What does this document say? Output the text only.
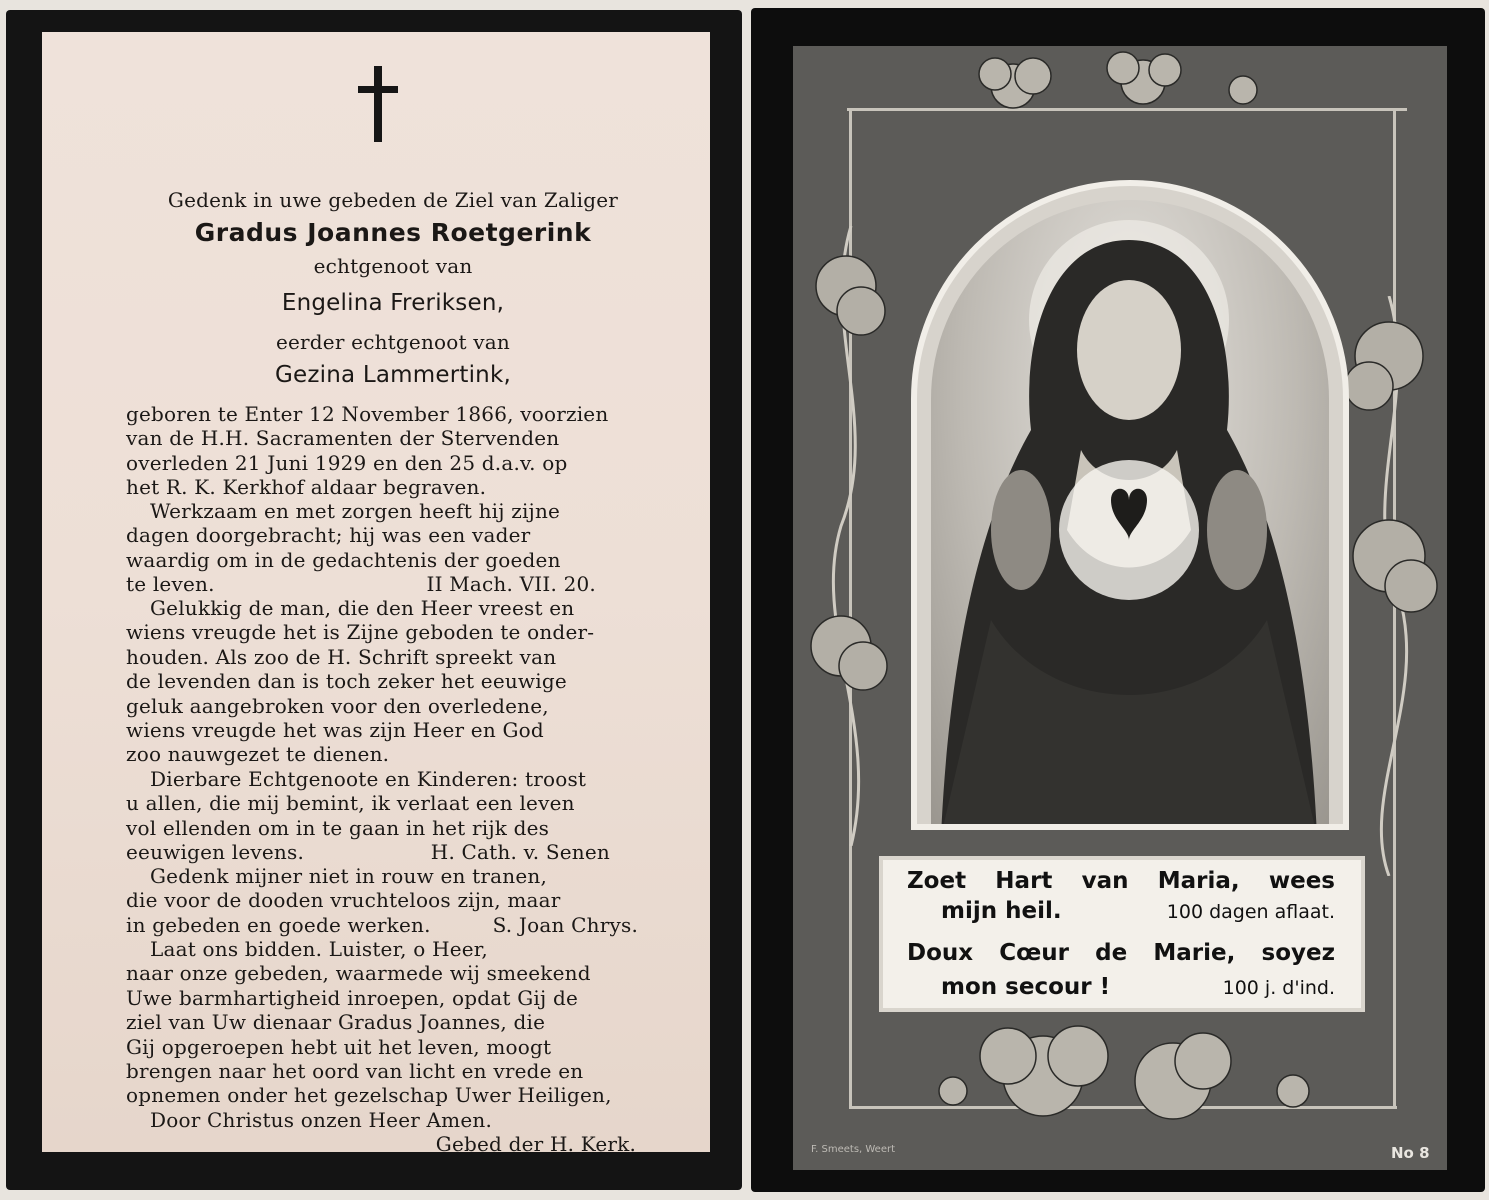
Gedenk in uwe gebeden de Ziel van Zaliger
Gradus Joannes Roetgerink
echtgenoot van
Engelina Freriksen,
eerder echtgenoot van
Gezina Lammertink,
geboren te Enter 12 November 1866, voorzien
van de H.H. Sacramenten der Stervenden
overleden 21 Juni 1929 en den 25 d.a.v. op
het R. K. Kerkhof aldaar begraven.
Werkzaam en met zorgen heeft hij zijne
dagen doorgebracht; hij was een vader
waardig om in de gedachtenis der goeden
te leven.	II Mach. VII. 20.
Gelukkig de man, die den Heer vreest en
wiens vreugde het is Zijne geboden te onder-
houden. Als zoo de H. Schrift spreekt van
de levenden dan is toch zeker het eeuwige
geluk aangebroken voor den overledene,
wiens vreugde het was zijn Heer en God
zoo nauwgezet te dienen.
Dierbare Echtgenoote en Kinderen: troost
u allen, die mij bemint, ik verlaat een leven
vol ellenden om in te gaan in het rijk des
eeuwigen levens.	H. Cath. v. Senen
Gedenk mijner niet in rouw en tranen,
die voor de dooden vruchteloos zijn, maar
in gebeden en goede werken.	S. Joan Chrys.
Laat ons bidden. Luister, o Heer,
naar onze gebeden, waarmede wij smeekend
Uwe barmhartigheid inroepen, opdat Gij de
ziel van Uw dienaar Gradus Joannes, die
Gij opgeroepen hebt uit het leven, moogt
brengen naar het oord van licht en vrede en
opnemen onder het gezelschap Uwer Heiligen,
Door Christus onzen Heer Amen.
Gebed der H. Kerk.
Zoet Hart van Maria, wees
mijn heil.	100 dagen aflaat.
Doux Cœur de Marie, soyez
mon secour !	100 j. d'ind.
F. Smeets, Weert	No 8
